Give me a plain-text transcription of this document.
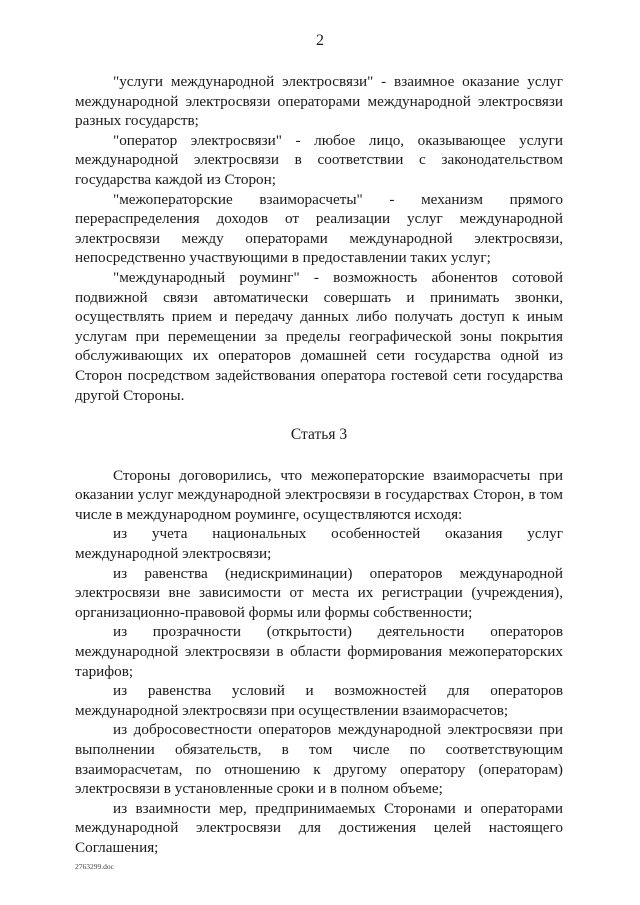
2

"услуги международной электросвязи" - взаимное оказание услуг международной электросвязи операторами международной электросвязи разных государств;

"оператор электросвязи" - любое лицо, оказывающее услуги международной электросвязи в соответствии с законодательством государства каждой из Сторон;

"межоператорские взаиморасчеты" - механизм прямого перераспределения доходов от реализации услуг международной электросвязи между операторами международной электросвязи, непосредственно участвующими в предоставлении таких услуг;

"международный роуминг" - возможность абонентов сотовой подвижной связи автоматически совершать и принимать звонки, осуществлять прием и передачу данных либо получать доступ к иным услугам при перемещении за пределы географической зоны покрытия обслуживающих их операторов домашней сети государства одной из Сторон посредством задействования оператора гостевой сети государства другой Стороны.

Статья 3

Стороны договорились, что межоператорские взаиморасчеты при оказании услуг международной электросвязи в государствах Сторон, в том числе в международном роуминге, осуществляются исходя:

из учета национальных особенностей оказания услуг международной электросвязи;

из равенства (недискриминации) операторов международной электросвязи вне зависимости от места их регистрации (учреждения), организационно-правовой формы или формы собственности;

из прозрачности (открытости) деятельности операторов международной электросвязи в области формирования межоператорских тарифов;

из равенства условий и возможностей для операторов международной электросвязи при осуществлении взаиморасчетов;

из добросовестности операторов международной электросвязи при выполнении обязательств, в том числе по соответствующим взаиморасчетам, по отношению к другому оператору (операторам) электросвязи в установленные сроки и в полном объеме;

из взаимности мер, предпринимаемых Сторонами и операторами международной электросвязи для достижения целей настоящего Соглашения;

2763299.doc
